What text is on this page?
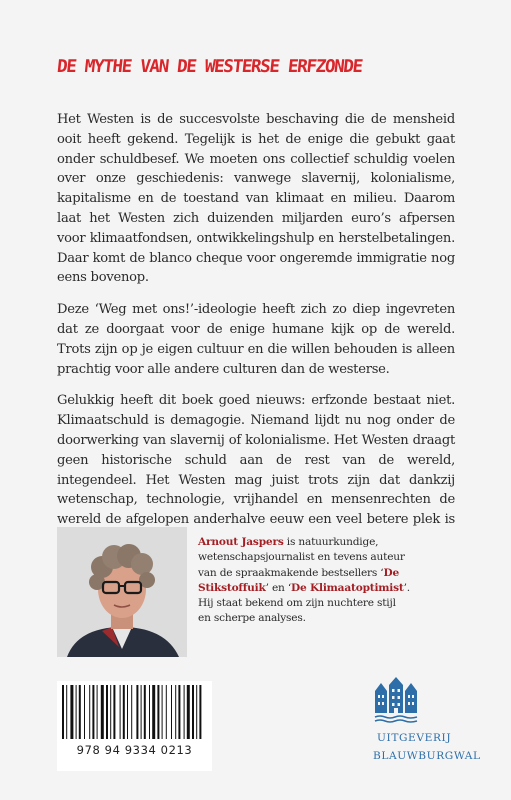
DE MYTHE VAN DE WESTERSE ERFZONDE

Het Westen is de succesvolste beschaving die de mensheid ooit heeft gekend. Tegelijk is het de enige die gebukt gaat onder schuldbesef. We moeten ons collectief schuldig voelen over onze geschiedenis: vanwege slavernij, kolonialisme, kapitalisme en de toestand van klimaat en milieu. Daarom laat het Westen zich duizenden miljarden euro’s afpersen voor klimaatfondsen, ontwikkelingshulp en herstelbetalingen. Daar komt de blanco cheque voor ongeremde immigratie nog eens bovenop.

Deze ‘Weg met ons!’-ideologie heeft zich zo diep ingevreten dat ze doorgaat voor de enige humane kijk op de wereld. Trots zijn op je eigen cultuur en die willen behouden is alleen prachtig voor alle andere culturen dan de westerse.

Gelukkig heeft dit boek goed nieuws: erfzonde bestaat niet. Klimaatschuld is demagogie. Niemand lijdt nu nog onder de doorwerking van slavernij of kolonialisme. Het Westen draagt geen historische schuld aan de rest van de wereld, integendeel. Het Westen mag juist trots zijn dat dankzij wetenschap, technologie, vrijhandel en mensenrechten de wereld de afgelopen anderhalve eeuw een veel betere plek is

Arnout Jaspers is natuurkundige, wetenschapsjournalist en tevens auteur van de spraakmakende bestsellers ‘De Stikstoffuik’ en ‘De Klimaatoptimist’. Hij staat bekend om zijn nuchtere stijl en scherpe analyses.
978 94 9334 0213
UITGEVERIJ
BLAUWBURGWAL
